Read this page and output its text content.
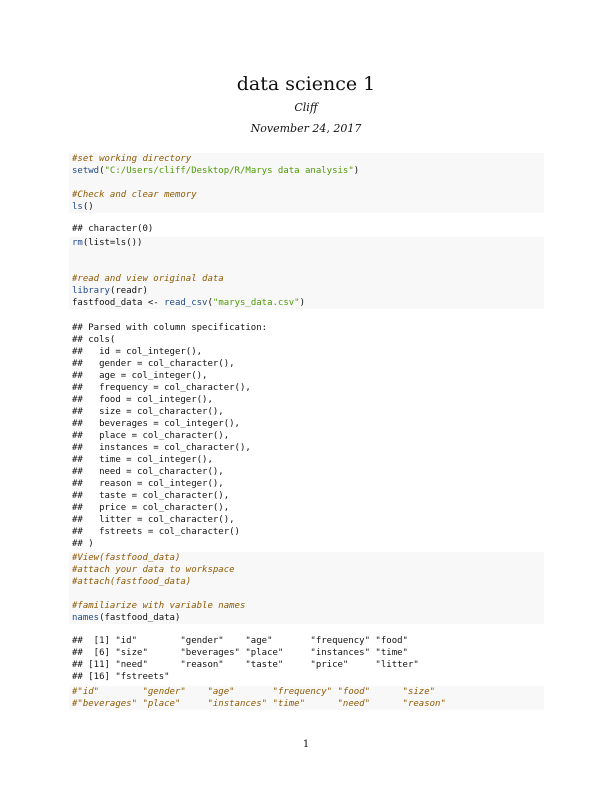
data science 1
Cliff
November 24, 2017
#set working directory
setwd("C:/Users/cliff/Desktop/R/Marys data analysis")
#Check and clear memory
ls()
## character(0)
rm(list=ls())
#read and view original data
library(readr)
fastfood_data <- read_csv("marys_data.csv")
## Parsed with column specification:
## cols(
##   id = col_integer(),
##   gender = col_character(),
##   age = col_integer(),
##   frequency = col_character(),
##   food = col_integer(),
##   size = col_character(),
##   beverages = col_integer(),
##   place = col_character(),
##   instances = col_character(),
##   time = col_integer(),
##   need = col_character(),
##   reason = col_integer(),
##   taste = col_character(),
##   price = col_character(),
##   litter = col_character(),
##   fstreets = col_character()
## )
#View(fastfood_data)
#attach your data to workspace
#attach(fastfood_data)
#familiarize with variable names
names(fastfood_data)
##  [1] "id"        "gender"    "age"       "frequency" "food"
##  [6] "size"      "beverages" "place"     "instances" "time"
## [11] "need"      "reason"    "taste"     "price"     "litter"
## [16] "fstreets"
#"id"        "gender"    "age"       "frequency" "food"      "size"
#"beverages" "place"     "instances" "time"      "need"      "reason"
1
